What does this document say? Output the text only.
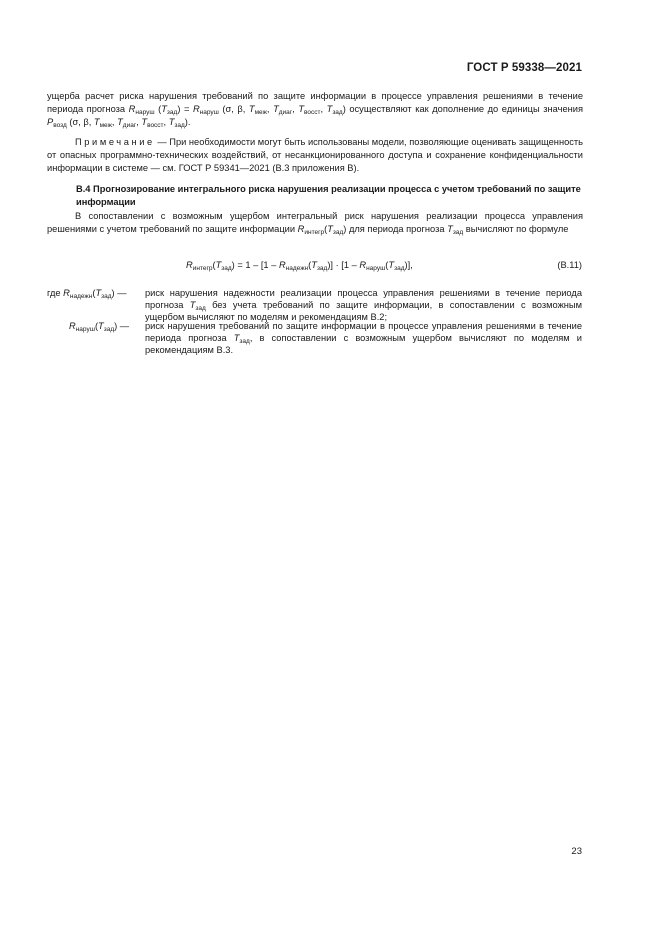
ГОСТ Р 59338—2021

ущерба расчет риска нарушения требований по защите информации в процессе управления решениями в течение периода прогноза $R_{наруш}$ $(T_{зад}) = R_{наруш}$ (σ, β, $T_{меж}$, $T_{диаг}$, $T_{восст}$, $T_{зад}$) осуществляют как дополнение до единицы значения $P_{возд}$ (σ, β, $T_{меж}$, $T_{диаг}$, $T_{восст}$, $T_{зад}$).

Примечание — При необходимости могут быть использованы модели, позволяющие оценивать защищенность от опасных программно-технических воздействий, от несанкционированного доступа и сохранение конфиденциальности информации в системе — см. ГОСТ Р 59341—2021 (В.3 приложения В).

В.4 Прогнозирование интегрального риска нарушения реализации процесса с учетом требований по защите информации

В сопоставлении с возможным ущербом интегральный риск нарушения реализации процесса управления решениями с учетом требований по защите информации $R_{интегр}(T_{зад})$ для периода прогноза $T_{зад}$ вычисляют по формуле

$R_{интегр}(T_{зад}) = 1 - [1 - R_{надежн}(T_{зад})] \cdot [1 - R_{наруш}(T_{зад})]$,	(В.11)
где $R_{надежн}(T_{зад})$ — риск нарушения надежности реализации процесса управления решениями в течение периода прогноза $T_{зад}$ без учета требований по защите информации, в сопоставлении с возможным ущербом вычисляют по моделям и рекомендациям В.2;
$R_{наруш}(T_{зад})$ — риск нарушения требований по защите информации в процессе управления решениями в течение периода прогноза $T_{зад}$, в сопоставлении с возможным ущербом вычисляют по моделям и рекомендациям В.3.
23
